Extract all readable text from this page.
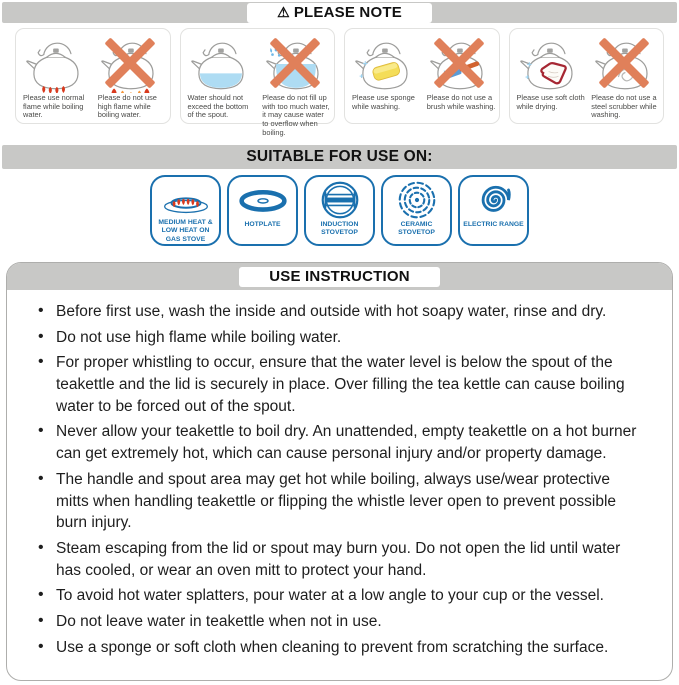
⚠ PLEASE NOTE
Please use normal flame while boiling water.
Please do not use high flame while boiling water.
Water should not exceed the bottom of the spout.
Please do not fill up with too much water, it may cause water to overflow when boiling.
Please use sponge while washing.
Please do not use a brush while washing.
Please use soft cloth while drying.
Please do not use a steel scrubber while washing.
SUITABLE FOR USE ON:
MEDIUM HEAT & LOW HEAT ON GAS STOVE
HOTPLATE	INDUCTION STOVETOP
CERAMIC STOVETOP
ELECTRIC RANGE
USE INSTRUCTION
• Before first use, wash the inside and outside with hot soapy water, rinse and dry.
• Do not use high flame while boiling water.
• For proper whistling to occur, ensure that the water level is below the spout of the teakettle and the lid is securely in place. Over filling the tea kettle can cause boiling water to be forced out of the spout.
• Never allow your teakettle to boil dry. An unattended, empty teakettle on a hot burner can get extremely hot, which can cause personal injury and/or property damage.
• The handle and spout area may get hot while boiling, always use/wear protective mitts when handling teakettle or flipping the whistle lever open to prevent possible burn injury.
• Steam escaping from the lid or spout may burn you. Do not open the lid until water has cooled, or wear an oven mitt to protect your hand.
• To avoid hot water splatters, pour water at a low angle to your cup or the vessel.
• Do not leave water in teakettle when not in use.
• Use a sponge or soft cloth when cleaning to prevent from scratching the surface.
